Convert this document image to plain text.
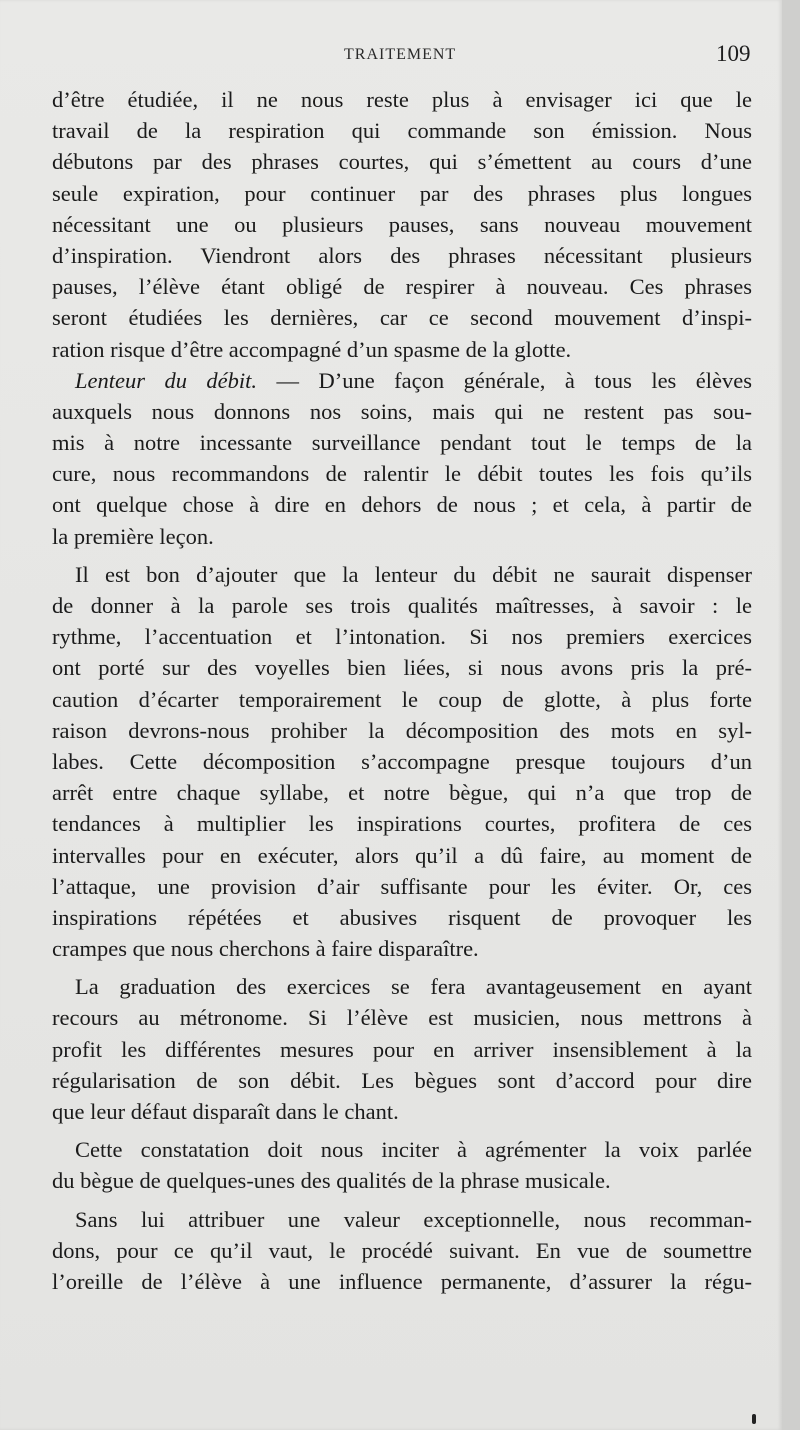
TRAITEMENT	109
d’être étudiée, il ne nous reste plus à envisager ici que le
travail de la respiration qui commande son émission. Nous
débutons par des phrases courtes, qui s’émettent au cours d’une
seule expiration, pour continuer par des phrases plus longues
nécessitant une ou plusieurs pauses, sans nouveau mouvement
d’inspiration. Viendront alors des phrases nécessitant plusieurs
pauses, l’élève étant obligé de respirer à nouveau. Ces phrases
seront étudiées les dernières, car ce second mouvement d’inspi-
ration risque d’être accompagné d’un spasme de la glotte.
Lenteur du débit. — D’une façon générale, à tous les élèves
auxquels nous donnons nos soins, mais qui ne restent pas sou-
mis à notre incessante surveillance pendant tout le temps de la
cure, nous recommandons de ralentir le débit toutes les fois qu’ils
ont quelque chose à dire en dehors de nous ; et cela, à partir de
la première leçon.
Il est bon d’ajouter que la lenteur du débit ne saurait dispenser
de donner à la parole ses trois qualités maîtresses, à savoir : le
rythme, l’accentuation et l’intonation. Si nos premiers exercices
ont porté sur des voyelles bien liées, si nous avons pris la pré-
caution d’écarter temporairement le coup de glotte, à plus forte
raison devrons-nous prohiber la décomposition des mots en syl-
labes. Cette décomposition s’accompagne presque toujours d’un
arrêt entre chaque syllabe, et notre bègue, qui n’a que trop de
tendances à multiplier les inspirations courtes, profitera de ces
intervalles pour en exécuter, alors qu’il a dû faire, au moment de
l’attaque, une provision d’air suffisante pour les éviter. Or, ces
inspirations répétées et abusives risquent de provoquer les
crampes que nous cherchons à faire disparaître.
La graduation des exercices se fera avantageusement en ayant
recours au métronome. Si l’élève est musicien, nous mettrons à
profit les différentes mesures pour en arriver insensiblement à la
régularisation de son débit. Les bègues sont d’accord pour dire
que leur défaut disparaît dans le chant.
Cette constatation doit nous inciter à agrémenter la voix parlée
du bègue de quelques-unes des qualités de la phrase musicale.
Sans lui attribuer une valeur exceptionnelle, nous recomman-
dons, pour ce qu’il vaut, le procédé suivant. En vue de soumettre
l’oreille de l’élève à une influence permanente, d’assurer la régu-
